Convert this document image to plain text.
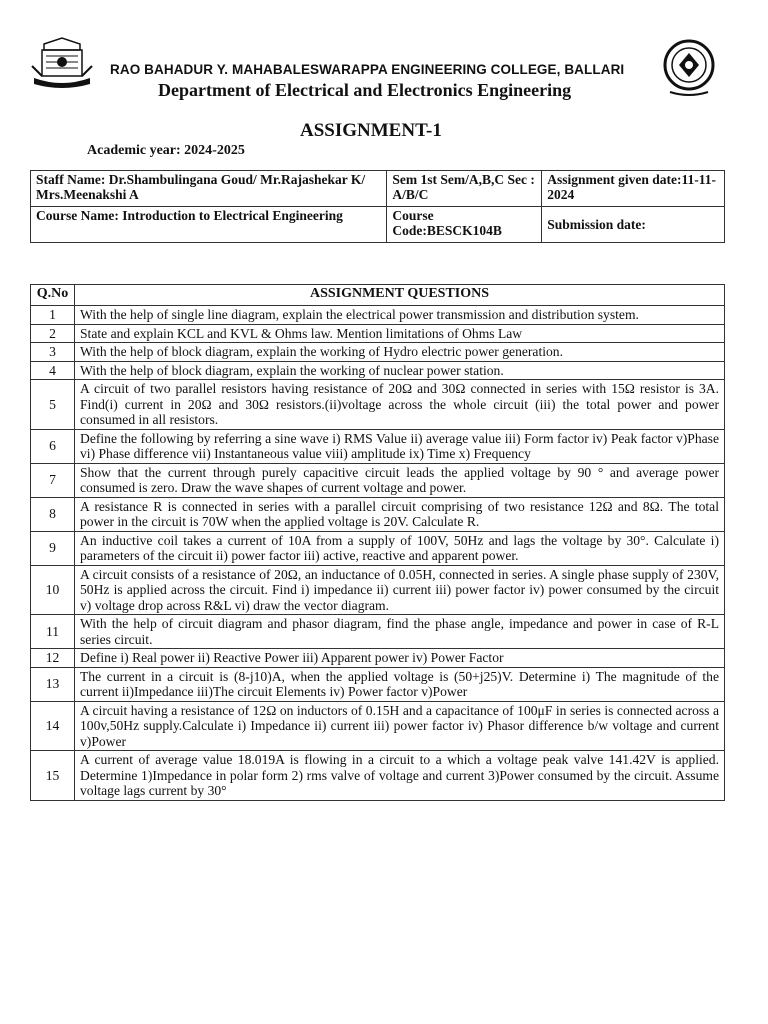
RAO BAHADUR Y. MAHABALESWARAPPA ENGINEERING COLLEGE, BALLARI
Department of Electrical and Electronics Engineering
ASSIGNMENT-1
Academic year: 2024-2025
Staff Name: Dr.Shambulingana Goud/ Mr.Rajashekar K/ Mrs.Meenakshi A	Sem 1st Sem/A,B,C Sec : A/B/C	Assignment given date:11-11-2024
Course Name: Introduction to Electrical Engineering	Course Code:BESCK104B	Submission date:
Q.No	ASSIGNMENT QUESTIONS
1	With the help of single line diagram, explain the electrical power transmission and distribution system.
2	State and explain KCL and KVL & Ohms law. Mention limitations of Ohms Law
3	With the help of block diagram, explain the working of Hydro electric power generation.
4	With the help of block diagram, explain the working of nuclear power station.
5	A circuit of two parallel resistors having resistance of 20Ω and 30Ω connected in series with 15Ω resistor is 3A. Find(i) current in 20Ω and 30Ω resistors.(ii)voltage across the whole circuit (iii) the total power and power consumed in all resistors.
6	Define the following by referring a sine wave i) RMS Value ii) average value iii) Form factor iv) Peak factor v)Phase vi) Phase difference vii) Instantaneous value viii) amplitude ix) Time x) Frequency
7	Show that the current through purely capacitive circuit leads the applied voltage by 90 ° and average power consumed is zero. Draw the wave shapes of current voltage and power.
8	A resistance R is connected in series with a parallel circuit comprising of two resistance 12Ω and 8Ω. The total power in the circuit is 70W when the applied voltage is 20V. Calculate R.
9	An inductive coil takes a current of 10A from a supply of 100V, 50Hz and lags the voltage by 30°. Calculate i) parameters of the circuit ii) power factor iii) active, reactive and apparent power.
10	A circuit consists of a resistance of 20Ω, an inductance of 0.05H, connected in series. A single phase supply of 230V, 50Hz is applied across the circuit. Find i) impedance ii) current iii) power factor iv) power consumed by the circuit v) voltage drop across R&L vi) draw the vector diagram.
11	With the help of circuit diagram and phasor diagram, find the phase angle, impedance and power in case of R-L series circuit.
12	Define i) Real power ii) Reactive Power iii) Apparent power iv) Power Factor
13	The current in a circuit is (8-j10)A, when the applied voltage is (50+j25)V. Determine i) The magnitude of the current ii)Impedance iii)The circuit Elements iv) Power factor v)Power
14	A circuit having a resistance of 12Ω on inductors of 0.15H and a capacitance of 100μF in series is connected across a 100v,50Hz supply.Calculate i) Impedance ii) current iii) power factor iv) Phasor difference b/w voltage and current v)Power
15	A current of average value 18.019A is flowing in a circuit to a which a voltage peak valve 141.42V is applied. Determine 1)Impedance in polar form 2) rms valve of voltage and current 3)Power consumed by the circuit. Assume voltage lags current by 30°
